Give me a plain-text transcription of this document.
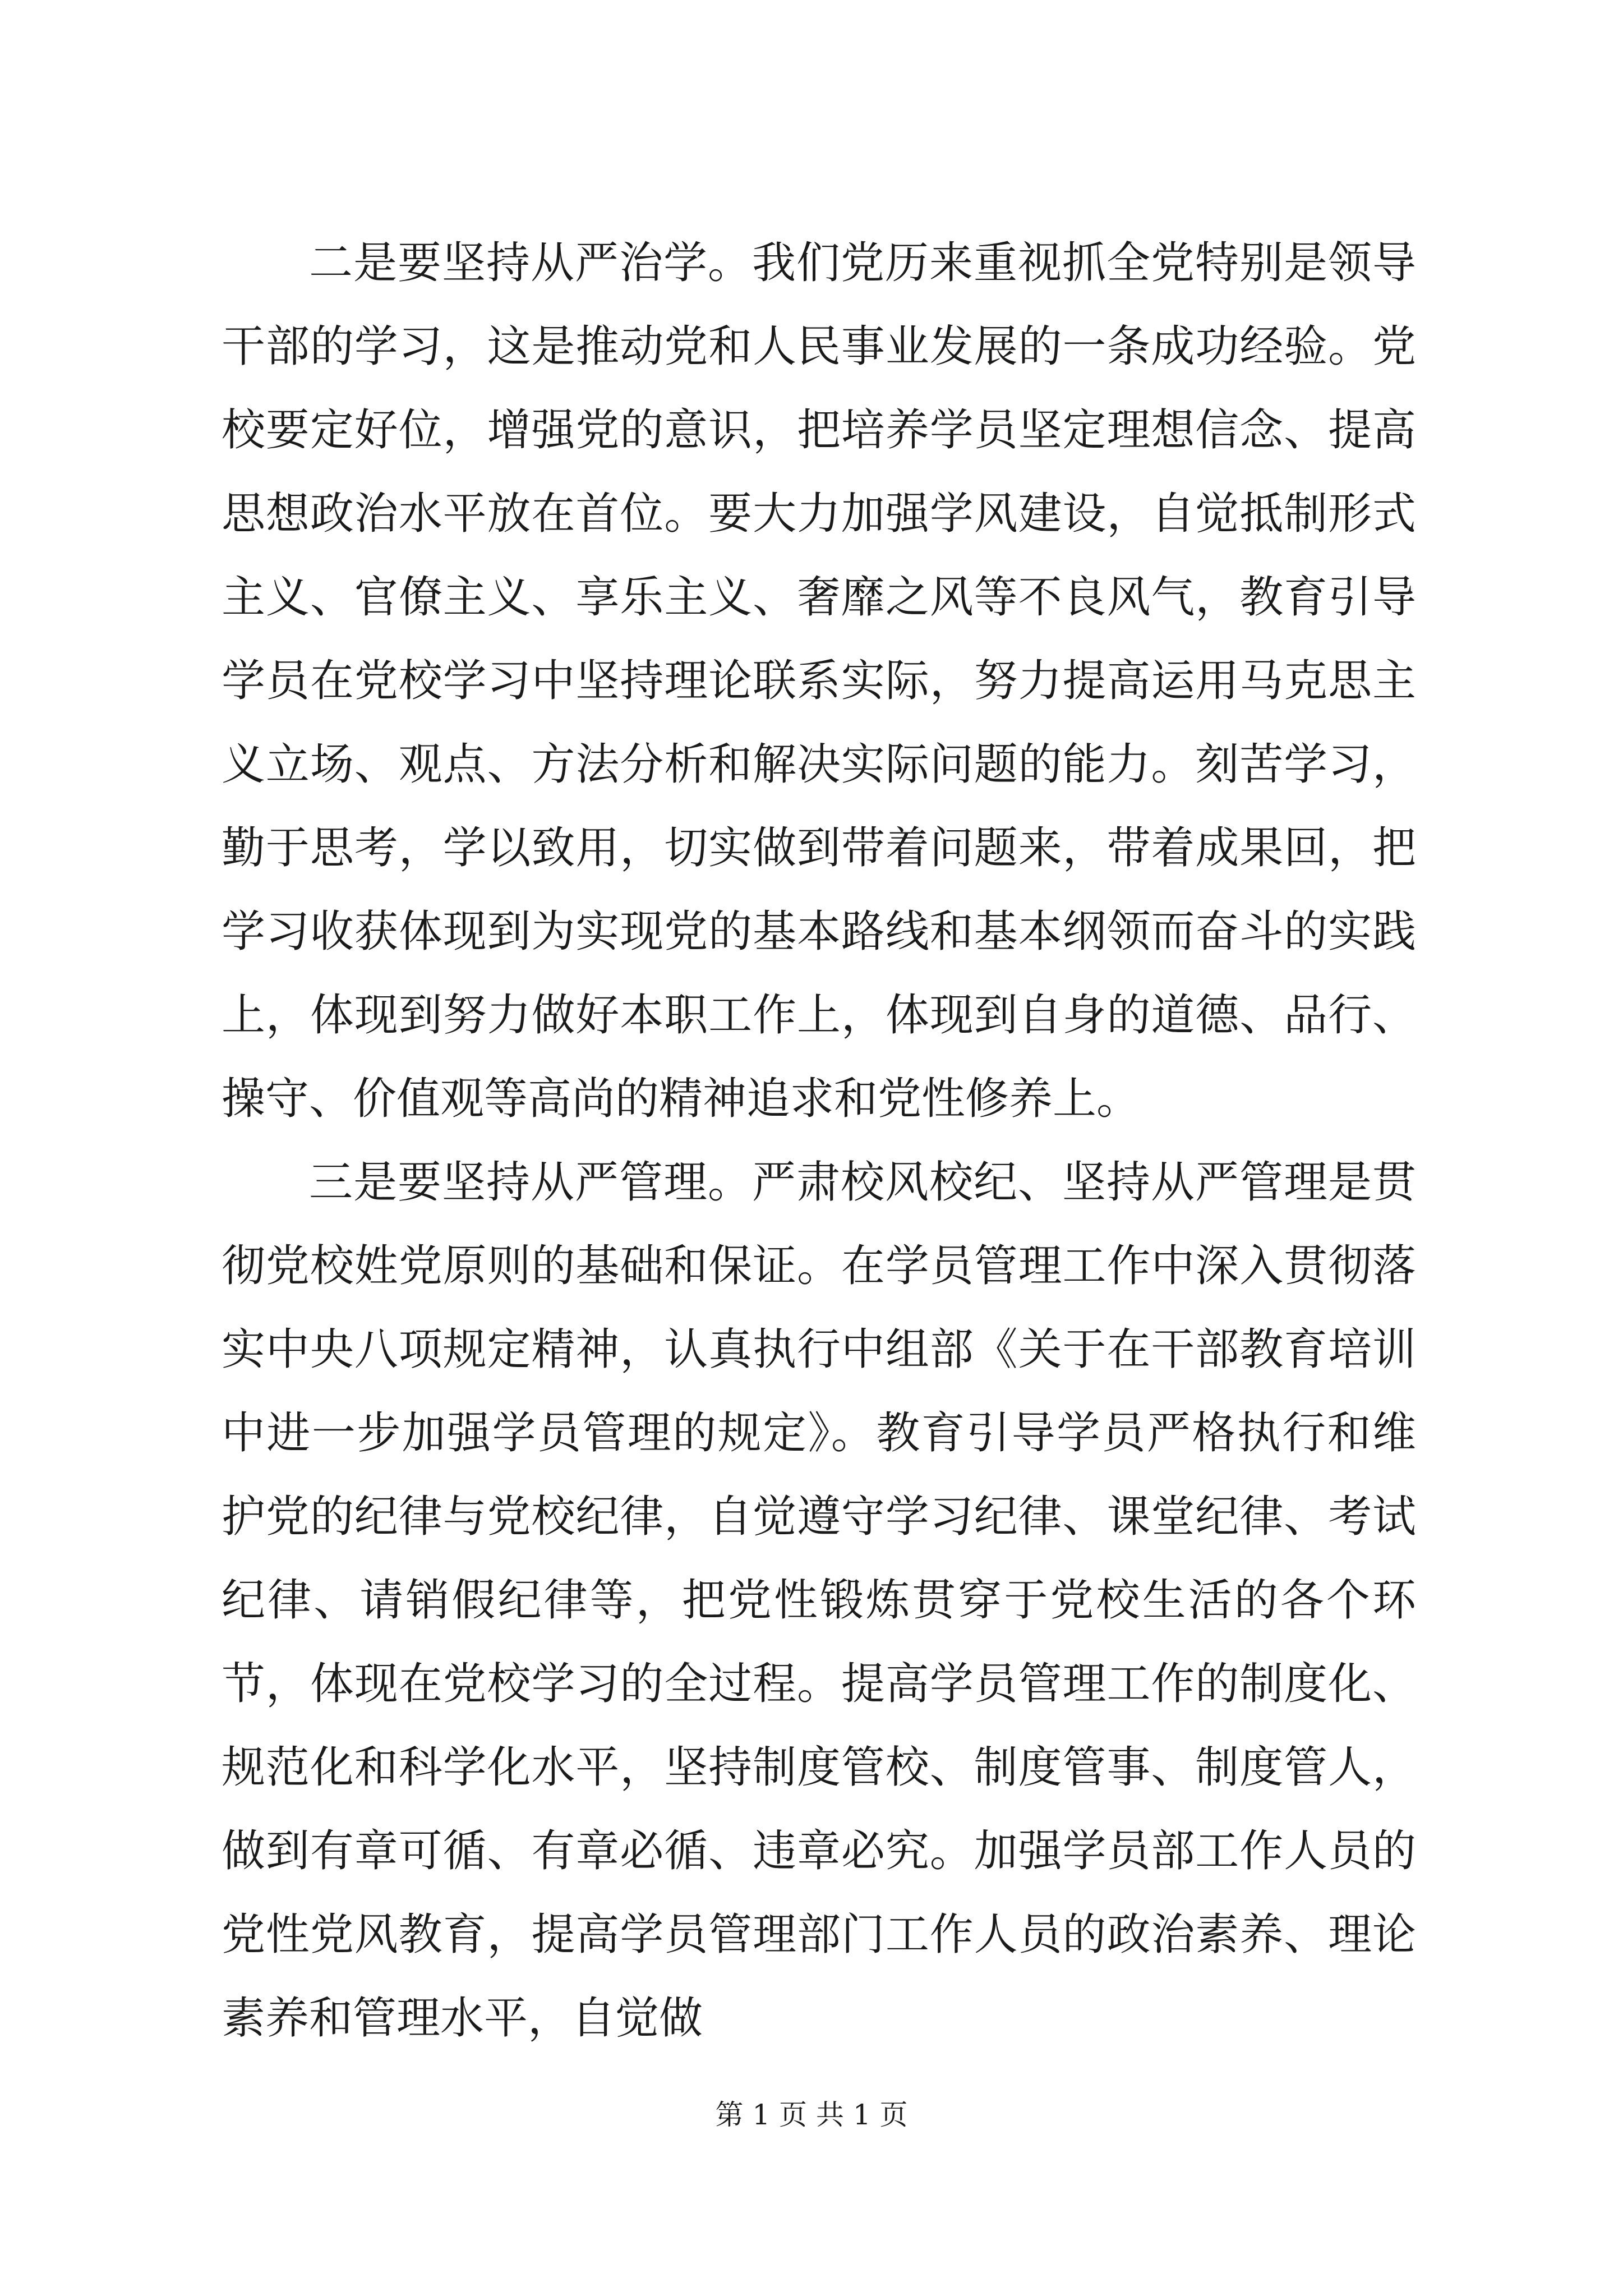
二是要坚持从严治学。我们党历来重视抓全党特别是领导干部的学习，这是推动党和人民事业发展的一条成功经验。党校要定好位，增强党的意识，把培养学员坚定理想信念、提高思想政治水平放在首位。要大力加强学风建设，自觉抵制形式主义、官僚主义、享乐主义、奢靡之风等不良风气，教育引导学员在党校学习中坚持理论联系实际，努力提高运用马克思主义立场、观点、方法分析和解决实际问题的能力。刻苦学习，勤于思考，学以致用，切实做到带着问题来，带着成果回，把学习收获体现到为实现党的基本路线和基本纲领而奋斗的实践上，体现到努力做好本职工作上，体现到自身的道德、品行、操守、价值观等高尚的精神追求和党性修养上。

三是要坚持从严管理。严肃校风校纪、坚持从严管理是贯彻党校姓党原则的基础和保证。在学员管理工作中深入贯彻落实中央八项规定精神，认真执行中组部《关于在干部教育培训中进一步加强学员管理的规定》。教育引导学员严格执行和维护党的纪律与党校纪律，自觉遵守学习纪律、课堂纪律、考试纪律、请销假纪律等，把党性锻炼贯穿于党校生活的各个环节，体现在党校学习的全过程。提高学员管理工作的制度化、规范化和科学化水平，坚持制度管校、制度管事、制度管人，做到有章可循、有章必循、违章必究。加强学员部工作人员的党性党风教育，提高学员管理部门工作人员的政治素养、理论素养和管理水平，自觉做

第 1 页 共 1 页
